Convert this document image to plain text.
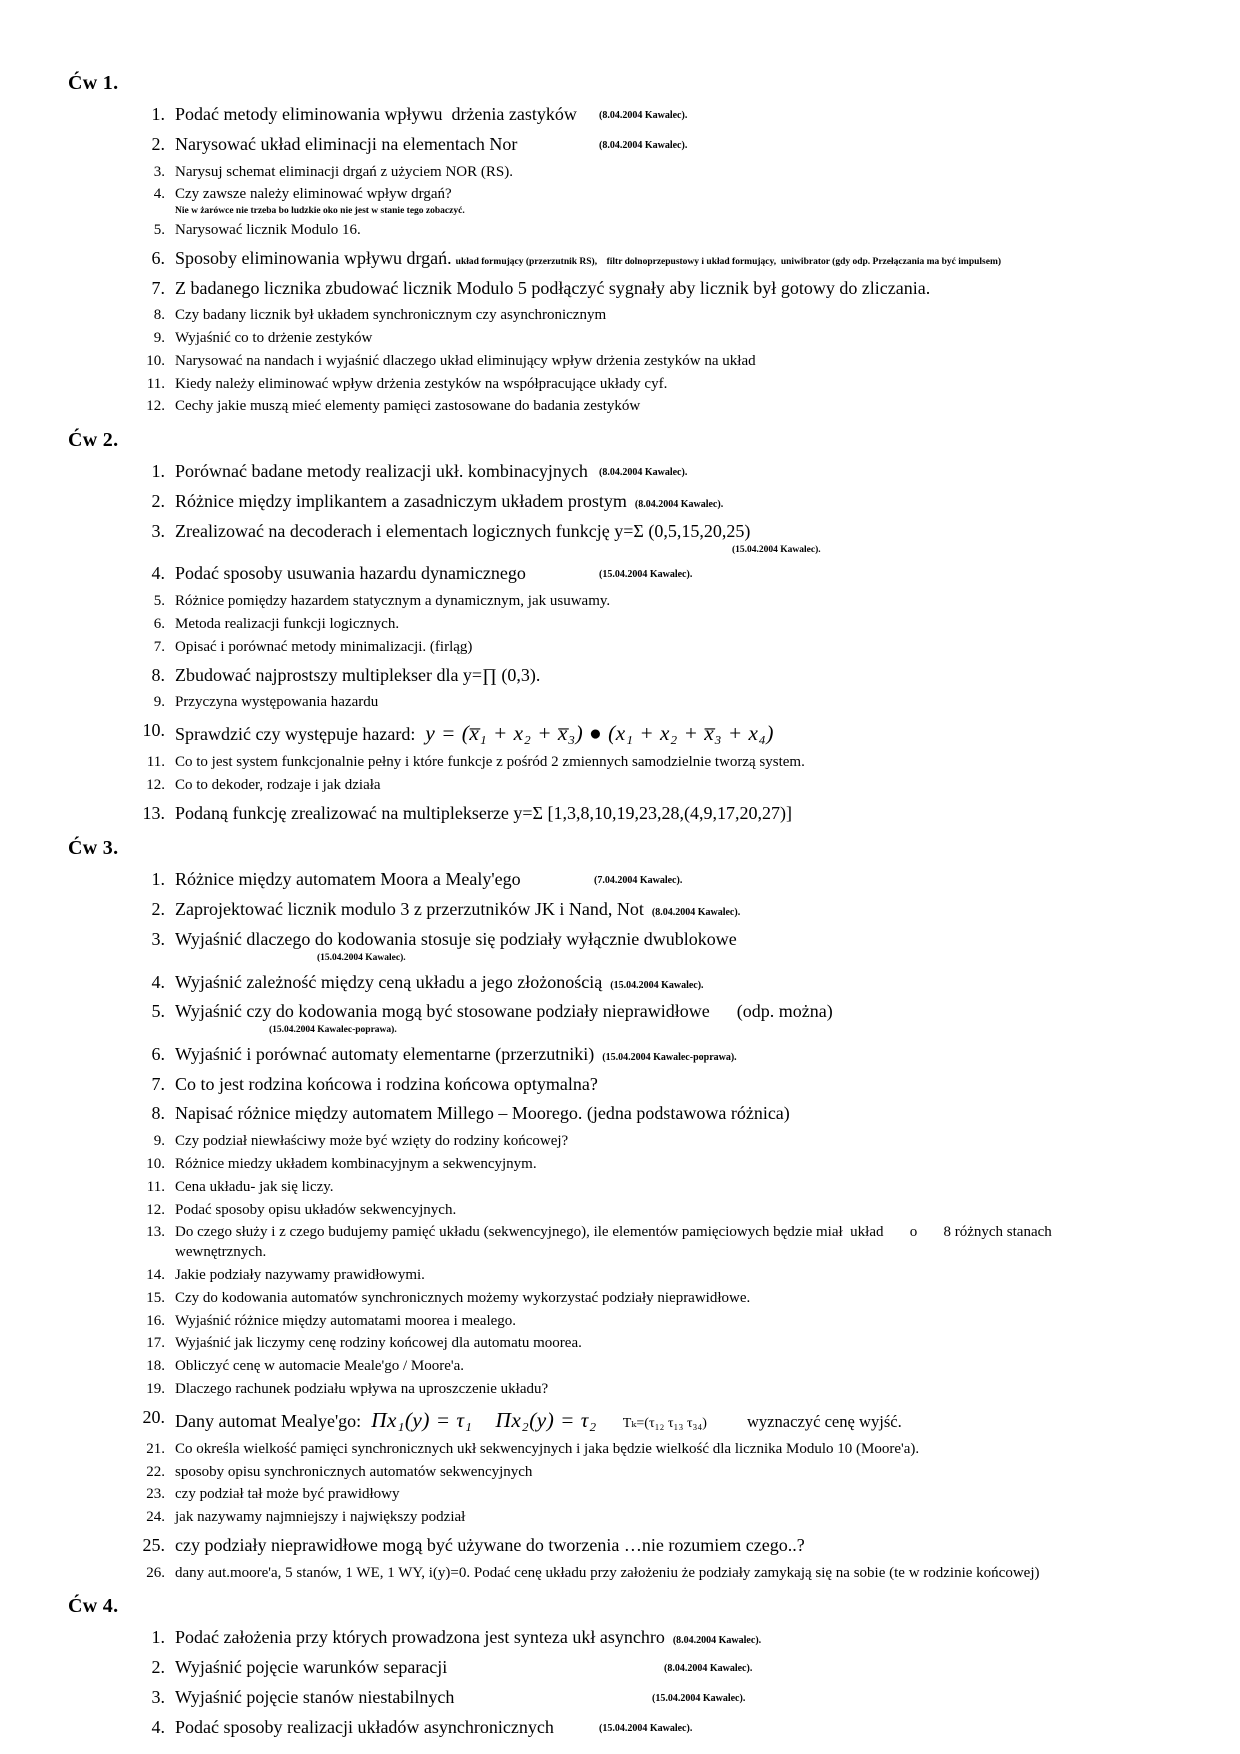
Ćw 1.
1. Podać metody eliminowania wpływu  drżenia zastyków (8.04.2004 Kawalec).
2. Narysować układ eliminacji na elementach Nor	(8.04.2004 Kawalec).
3. Narysuj schemat eliminacji drgań z użyciem NOR (RS).
4. Czy zawsze należy eliminować wpływ drgań?
Nie w żarówce nie trzeba bo ludzkie oko nie jest w stanie tego zobaczyć.
5. Narysować licznik Modulo 16.
6. Sposoby eliminowania wpływu drgań. układ formujący (przerzutnik RS),    filtr dolnoprzepustowy i układ formujący,  uniwibrator (gdy odp. Przełączania ma być impulsem)
7. Z badanego licznika zbudować licznik Modulo 5 podłączyć sygnały aby licznik był gotowy do zliczania.
8. Czy badany licznik był układem synchronicznym czy asynchronicznym
9. Wyjaśnić co to drżenie zestyków
10. Narysować na nandach i wyjaśnić dlaczego układ eliminujący wpływ drżenia zestyków na układ
11. Kiedy należy eliminować wpływ drżenia zestyków na współpracujące układy cyf.
12. Cechy jakie muszą mieć elementy pamięci zastosowane do badania zestyków
Ćw 2.
1. Porównać badane metody realizacji ukł. kombinacyjnych (8.04.2004 Kawalec).
2. Różnice między implikantem a zasadniczym układem prostym (8.04.2004 Kawalec).
3. Zrealizować na decoderach i elementach logicznych funkcję y=Σ (0,5,15,20,25)
(15.04.2004 Kawalec).
4. Podać sposoby usuwania hazardu dynamicznego	(15.04.2004 Kawalec).
5. Różnice pomiędzy hazardem statycznym a dynamicznym, jak usuwamy.
6. Metoda realizacji funkcji logicznych.
7. Opisać i porównać metody minimalizacji. (firląg)
8. Zbudować najprostszy multiplekser dla y=∏ (0,3).
9. Przyczyna występowania hazardu
10. Sprawdzić czy występuje hazard: y = (x̅₁ + x₂ + x̅₃) ● (x₁ + x₂ + x̅₃ + x₄)
11. Co to jest system funkcjonalnie pełny i które funkcje z pośród 2 zmiennych samodzielnie tworzą system.
12. Co to dekoder, rodzaje i jak działa
13. Podaną funkcję zrealizować na multiplekserze y=Σ [1,3,8,10,19,23,28,(4,9,17,20,27)]
Ćw 3.
1. Różnice między automatem Moora a Mealy'ego	(7.04.2004 Kawalec).
2. Zaprojektować licznik modulo 3 z przerzutników JK i Nand, Not (8.04.2004 Kawalec).
3. Wyjaśnić dlaczego do kodowania stosuje się podziały wyłącznie dwublokowe
(15.04.2004 Kawalec).
4. Wyjaśnić zależność między ceną układu a jego złożonością (15.04.2004 Kawalec).
5. Wyjaśnić czy do kodowania mogą być stosowane podziały nieprawidłowe      (odp. można)
(15.04.2004 Kawalec-poprawa).
6. Wyjaśnić i porównać automaty elementarne (przerzutniki) (15.04.2004 Kawalec-poprawa).
7. Co to jest rodzina końcowa i rodzina końcowa optymalna?
8. Napisać różnice między automatem Millego – Moorego. (jedna podstawowa różnica)
9. Czy podział niewłaściwy może być wzięty do rodziny końcowej?
10. Różnice miedzy układem kombinacyjnym a sekwencyjnym.
11. Cena układu- jak się liczy.
12. Podać sposoby opisu układów sekwencyjnych.
13. Do czego służy i z czego budujemy pamięć układu (sekwencyjnego), ile elementów pamięciowych będzie miał  układ       o       8 różnych stanach wewnętrznych.
14. Jakie podziały nazywamy prawidłowymi.
15. Czy do kodowania automatów synchronicznych możemy wykorzystać podziały nieprawidłowe.
16. Wyjaśnić różnice między automatami moorea i mealego.
17. Wyjaśnić jak liczymy cenę rodziny końcowej dla automatu moorea.
18. Obliczyć cenę w automacie Meale'go / Moore'a.
19. Dlaczego rachunek podziału wpływa na uproszczenie układu?
20. Dany automat Mealye'go: Πx₁(y) = τ₁    Πx₂(y) = τ₂ Tₖ=(τ₁₂ τ₁₃ τ₃₄) wyznaczyć cenę wyjść.
21. Co określa wielkość pamięci synchronicznych ukł sekwencyjnych i jaka będzie wielkość dla licznika Modulo 10 (Moore'a).
22. sposoby opisu synchronicznych automatów sekwencyjnych
23. czy podział tał może być prawidłowy
24. jak nazywamy najmniejszy i największy podział
25. czy podziały nieprawidłowe mogą być używane do tworzenia …nie rozumiem czego..?
26. dany aut.moore'a, 5 stanów, 1 WE, 1 WY, i(y)=0. Podać cenę układu przy założeniu że podziały zamykają się na sobie (te w rodzinie końcowej)
Ćw 4.
1. Podać założenia przy których prowadzona jest synteza ukł asynchro (8.04.2004 Kawalec).
2. Wyjaśnić pojęcie warunków separacji	(8.04.2004 Kawalec).
3. Wyjaśnić pojęcie stanów niestabilnych	(15.04.2004 Kawalec).
4. Podać sposoby realizacji układów asynchronicznych	(15.04.2004 Kawalec).
